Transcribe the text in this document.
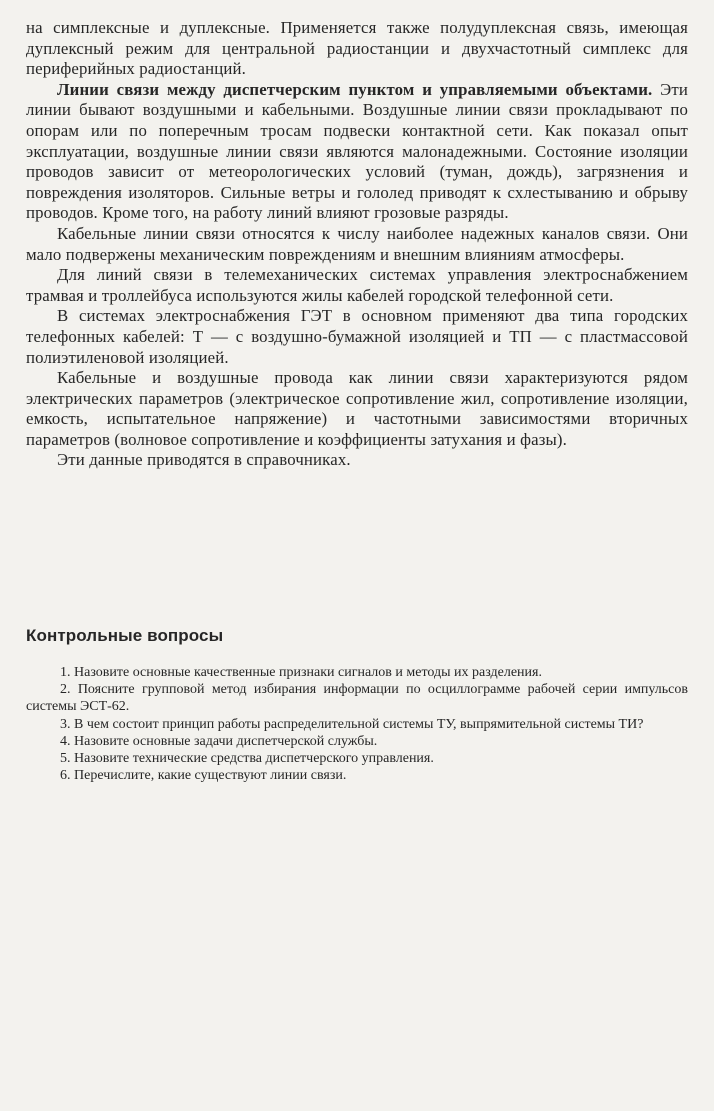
на симплексные и дуплексные. Применяется также полудуплексная связь, имеющая дуплексный режим для центральной радиостанции и двухчастотный симплекс для периферийных радиостанций.

Линии связи между диспетчерским пунктом и управляемыми объектами. Эти линии бывают воздушными и кабельными. Воздушные линии связи прокладывают по опорам или по поперечным тросам подвески контактной сети. Как показал опыт эксплуатации, воздушные линии связи являются малонадежными. Состояние изоляции проводов зависит от метеорологических условий (туман, дождь), загрязнения и повреждения изоляторов. Сильные ветры и гололед приводят к схлестыванию и обрыву проводов. Кроме того, на работу линий влияют грозовые разряды.

Кабельные линии связи относятся к числу наиболее надежных каналов связи. Они мало подвержены механическим повреждениям и внешним влияниям атмосферы.

Для линий связи в телемеханических системах управления электроснабжением трамвая и троллейбуса используются жилы кабелей городской телефонной сети.

В системах электроснабжения ГЭТ в основном применяют два типа городских телефонных кабелей: Т — с воздушно-бумажной изоляцией и ТП — с пластмассовой полиэтиленовой изоляцией.

Кабельные и воздушные провода как линии связи характеризуются рядом электрических параметров (электрическое сопротивление жил, сопротивление изоляции, емкость, испытательное напряжение) и частотными зависимостями вторичных параметров (волновое сопротивление и коэффициенты затухания и фазы).

Эти данные приводятся в справочниках.

Контрольные вопросы

1. Назовите основные качественные признаки сигналов и методы их разделения.

2. Поясните групповой метод избирания информации по осциллограмме рабочей серии импульсов системы ЭСТ-62.

3. В чем состоит принцип работы распределительной системы ТУ, выпрямительной системы ТИ?

4. Назовите основные задачи диспетчерской службы.

5. Назовите технические средства диспетчерского управления.

6. Перечислите, какие существуют линии связи.
